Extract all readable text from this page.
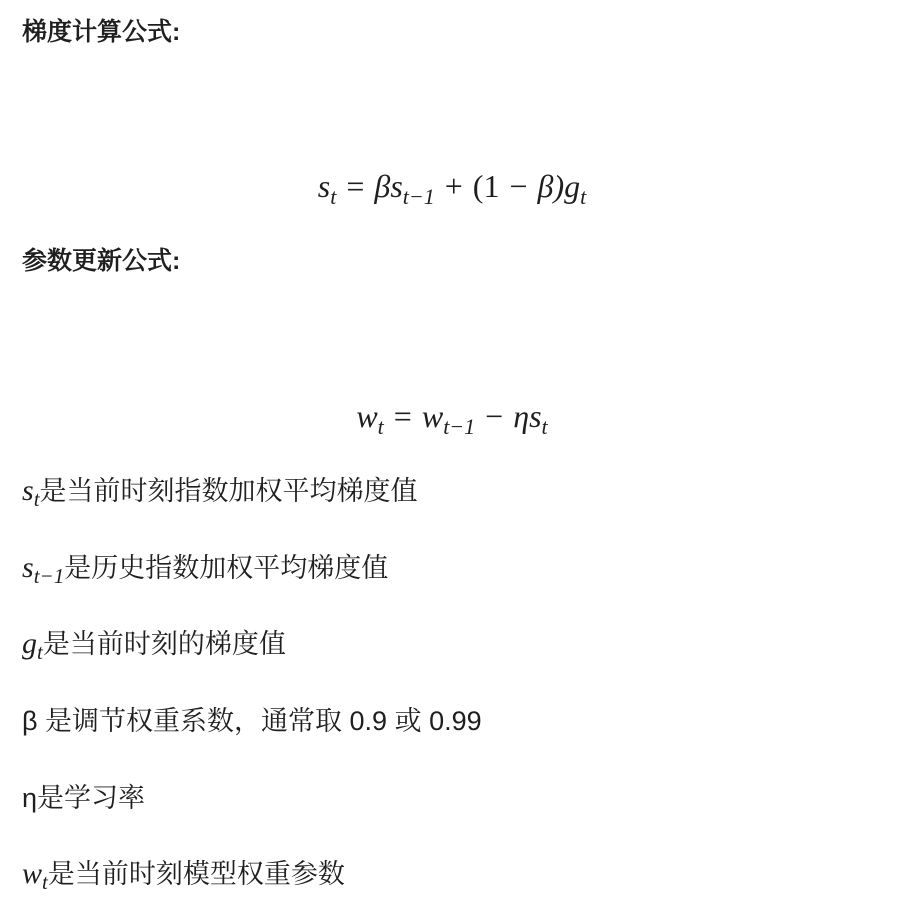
梯度计算公式:
$s_t = \beta s_{t-1} + (1 - \beta)g_t$
参数更新公式:
$w_t = w_{t-1} - \eta s_t$
$s_t$是当前时刻指数加权平均梯度值
$s_{t-1}$是历史指数加权平均梯度值
$g_t$是当前时刻的梯度值
β 是调节权重系数，通常取 0.9 或 0.99
η是学习率
$w_t$是当前时刻模型权重参数
